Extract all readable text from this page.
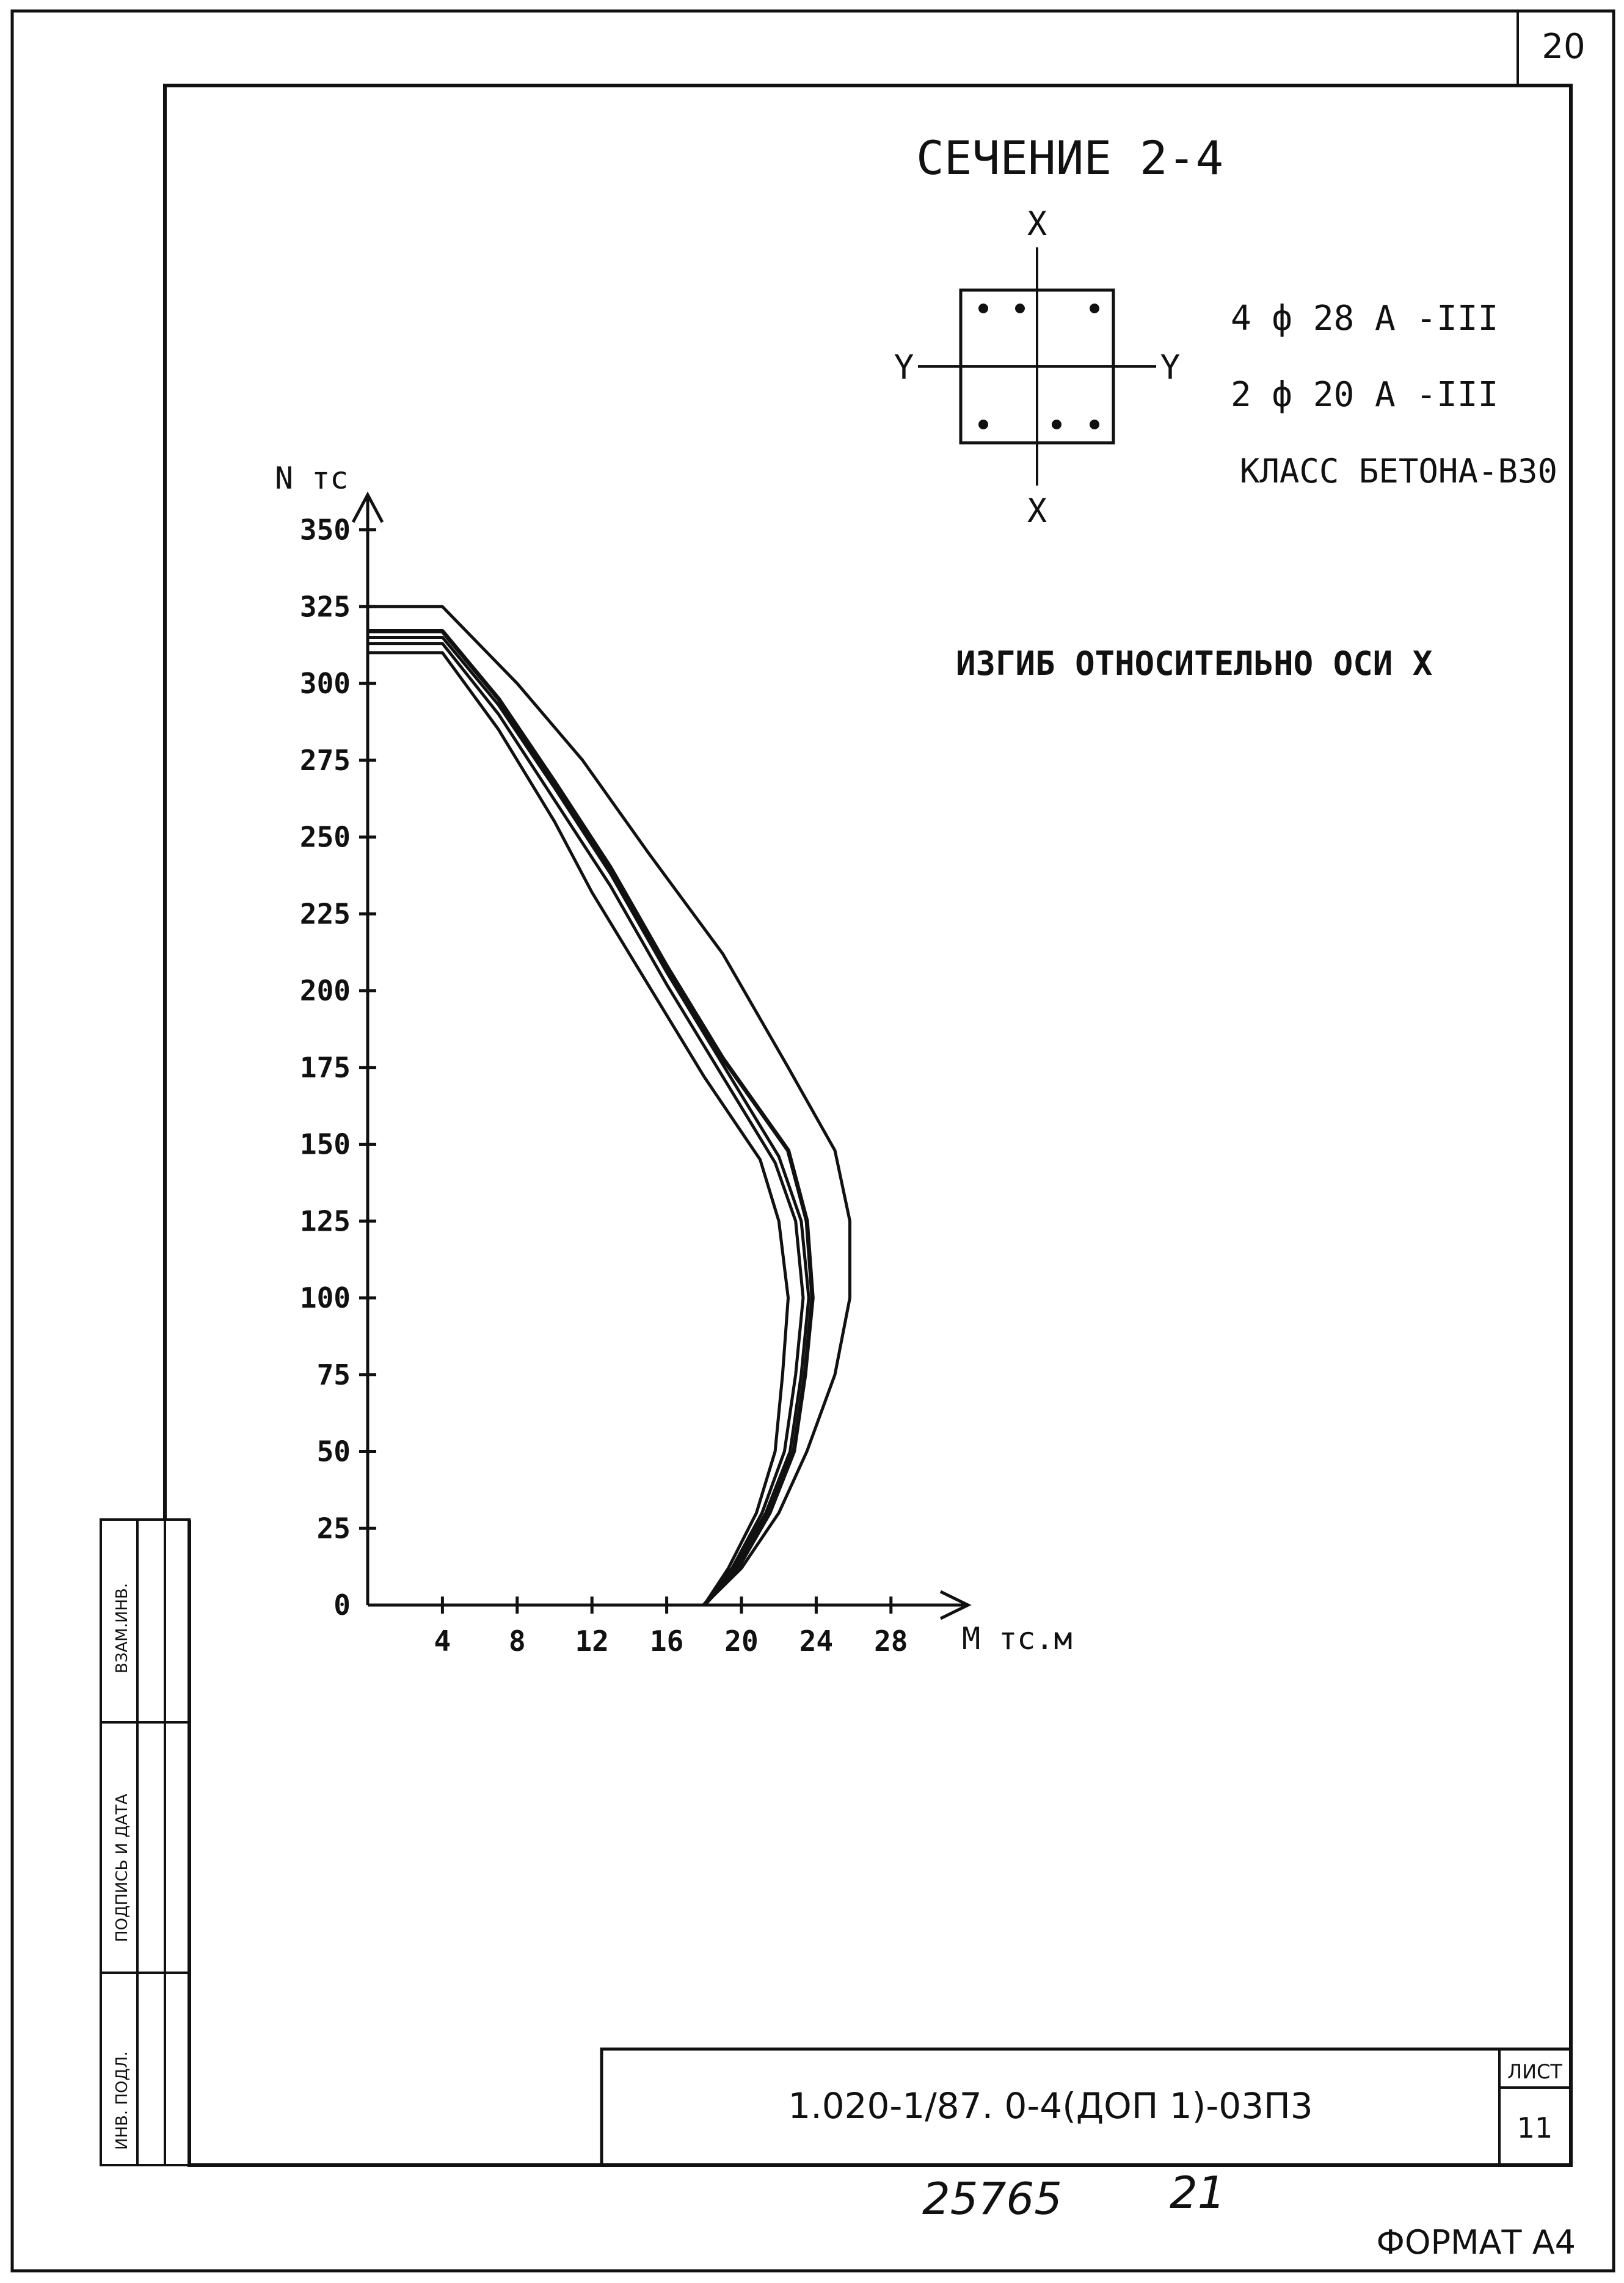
20
ВЗАМ.ИНВ.
ПОДПИСЬ И ДАТА
ИНВ. ПОДЛ.	ЛИСТ
11
1.020-1/87. 0-4(ДОП 1)-03П3
25765 21
ФОРМАТ А4
СЕЧЕНИЕ 2-4
X
X
Y	Y
4 ф 28 А -III
2 ф 20 А -III
КЛАСС БЕТОНА-В30
ИЗГИБ ОТНОСИТЕЛЬНО ОСИ Х
N тс
M тс.м
4 8 12 16 20 24 28
0
25
50
75
100
125
150
175
200
225
250
275
300
325
350
